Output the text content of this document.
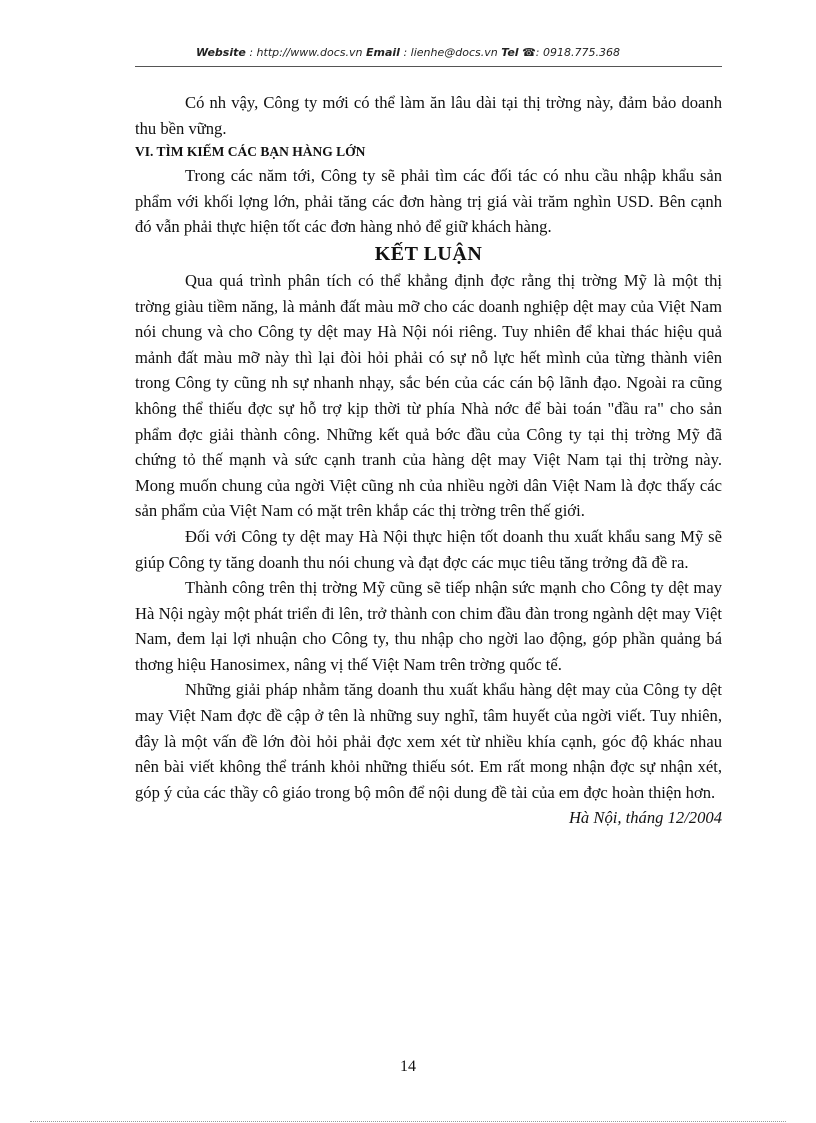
Website : http://www.docs.vn Email : lienhe@docs.vn Tel ☎: 0918.775.368

Có nh vậy, Công ty mới có thể làm ăn lâu dài tại thị trờng này, đảm bảo doanh thu bền vững.

VI. TÌM KIẾM CÁC BẠN HÀNG LỚN

Trong các năm tới, Công ty sẽ phải tìm các đối tác có nhu cầu nhập khẩu sản phẩm với khối lợng lớn, phải tăng các đơn hàng trị giá vài trăm nghìn USD. Bên cạnh đó vẫn phải thực hiện tốt các đơn hàng nhỏ để giữ khách hàng.

KẾT LUẬN

Qua quá trình phân tích có thể khẳng định đợc rằng thị trờng Mỹ là một thị trờng giàu tiềm năng, là mảnh đất màu mỡ cho các doanh nghiệp dệt may của Việt Nam nói chung và cho Công ty dệt may Hà Nội nói riêng. Tuy nhiên để khai thác hiệu quả mảnh đất màu mỡ này thì lại đòi hỏi phải có sự nỗ lực hết mình của từng thành viên trong Công ty cũng nh sự nhanh nhạy, sắc bén của các cán bộ lãnh đạo. Ngoài ra cũng không thể thiếu đợc sự hỗ trợ kịp thời từ phía Nhà nớc để bài toán "đầu ra" cho sản phẩm đợc giải thành công. Những kết quả bớc đầu của Công ty tại thị trờng Mỹ đã chứng tỏ thế mạnh và sức cạnh tranh của hàng dệt may Việt Nam tại thị trờng này. Mong muốn chung của ngời Việt cũng nh của nhiều ngời dân Việt Nam là đợc thấy các sản phẩm của Việt Nam có mặt trên khắp các thị trờng trên thế giới.

Đối với Công ty dệt may Hà Nội thực hiện tốt doanh thu xuất khẩu sang Mỹ sẽ giúp Công ty tăng doanh thu nói chung và đạt đợc các mục tiêu tăng trởng đã đề ra.

Thành công trên thị trờng Mỹ cũng sẽ tiếp nhận sức mạnh cho Công ty dệt may Hà Nội ngày một phát triển đi lên, trở thành con chim đầu đàn trong ngành dệt may Việt Nam, đem lại lợi nhuận cho Công ty, thu nhập cho ngời lao động, góp phần quảng bá thơng hiệu Hanosimex, nâng vị thế Việt Nam trên trờng quốc tế.

Những giải pháp nhằm tăng doanh thu xuất khẩu hàng dệt may của Công ty dệt may Việt Nam đợc đề cập ở tên là những suy nghĩ, tâm huyết của ngời viết. Tuy nhiên, đây là một vấn đề lớn đòi hỏi phải đợc xem xét từ nhiều khía cạnh, góc độ khác nhau nên bài viết không thể tránh khỏi những thiếu sót. Em rất mong nhận đợc sự nhận xét, góp ý của các thầy cô giáo trong bộ môn để nội dung đề tài của em đợc hoàn thiện hơn.

Hà Nội, tháng 12/2004

14
